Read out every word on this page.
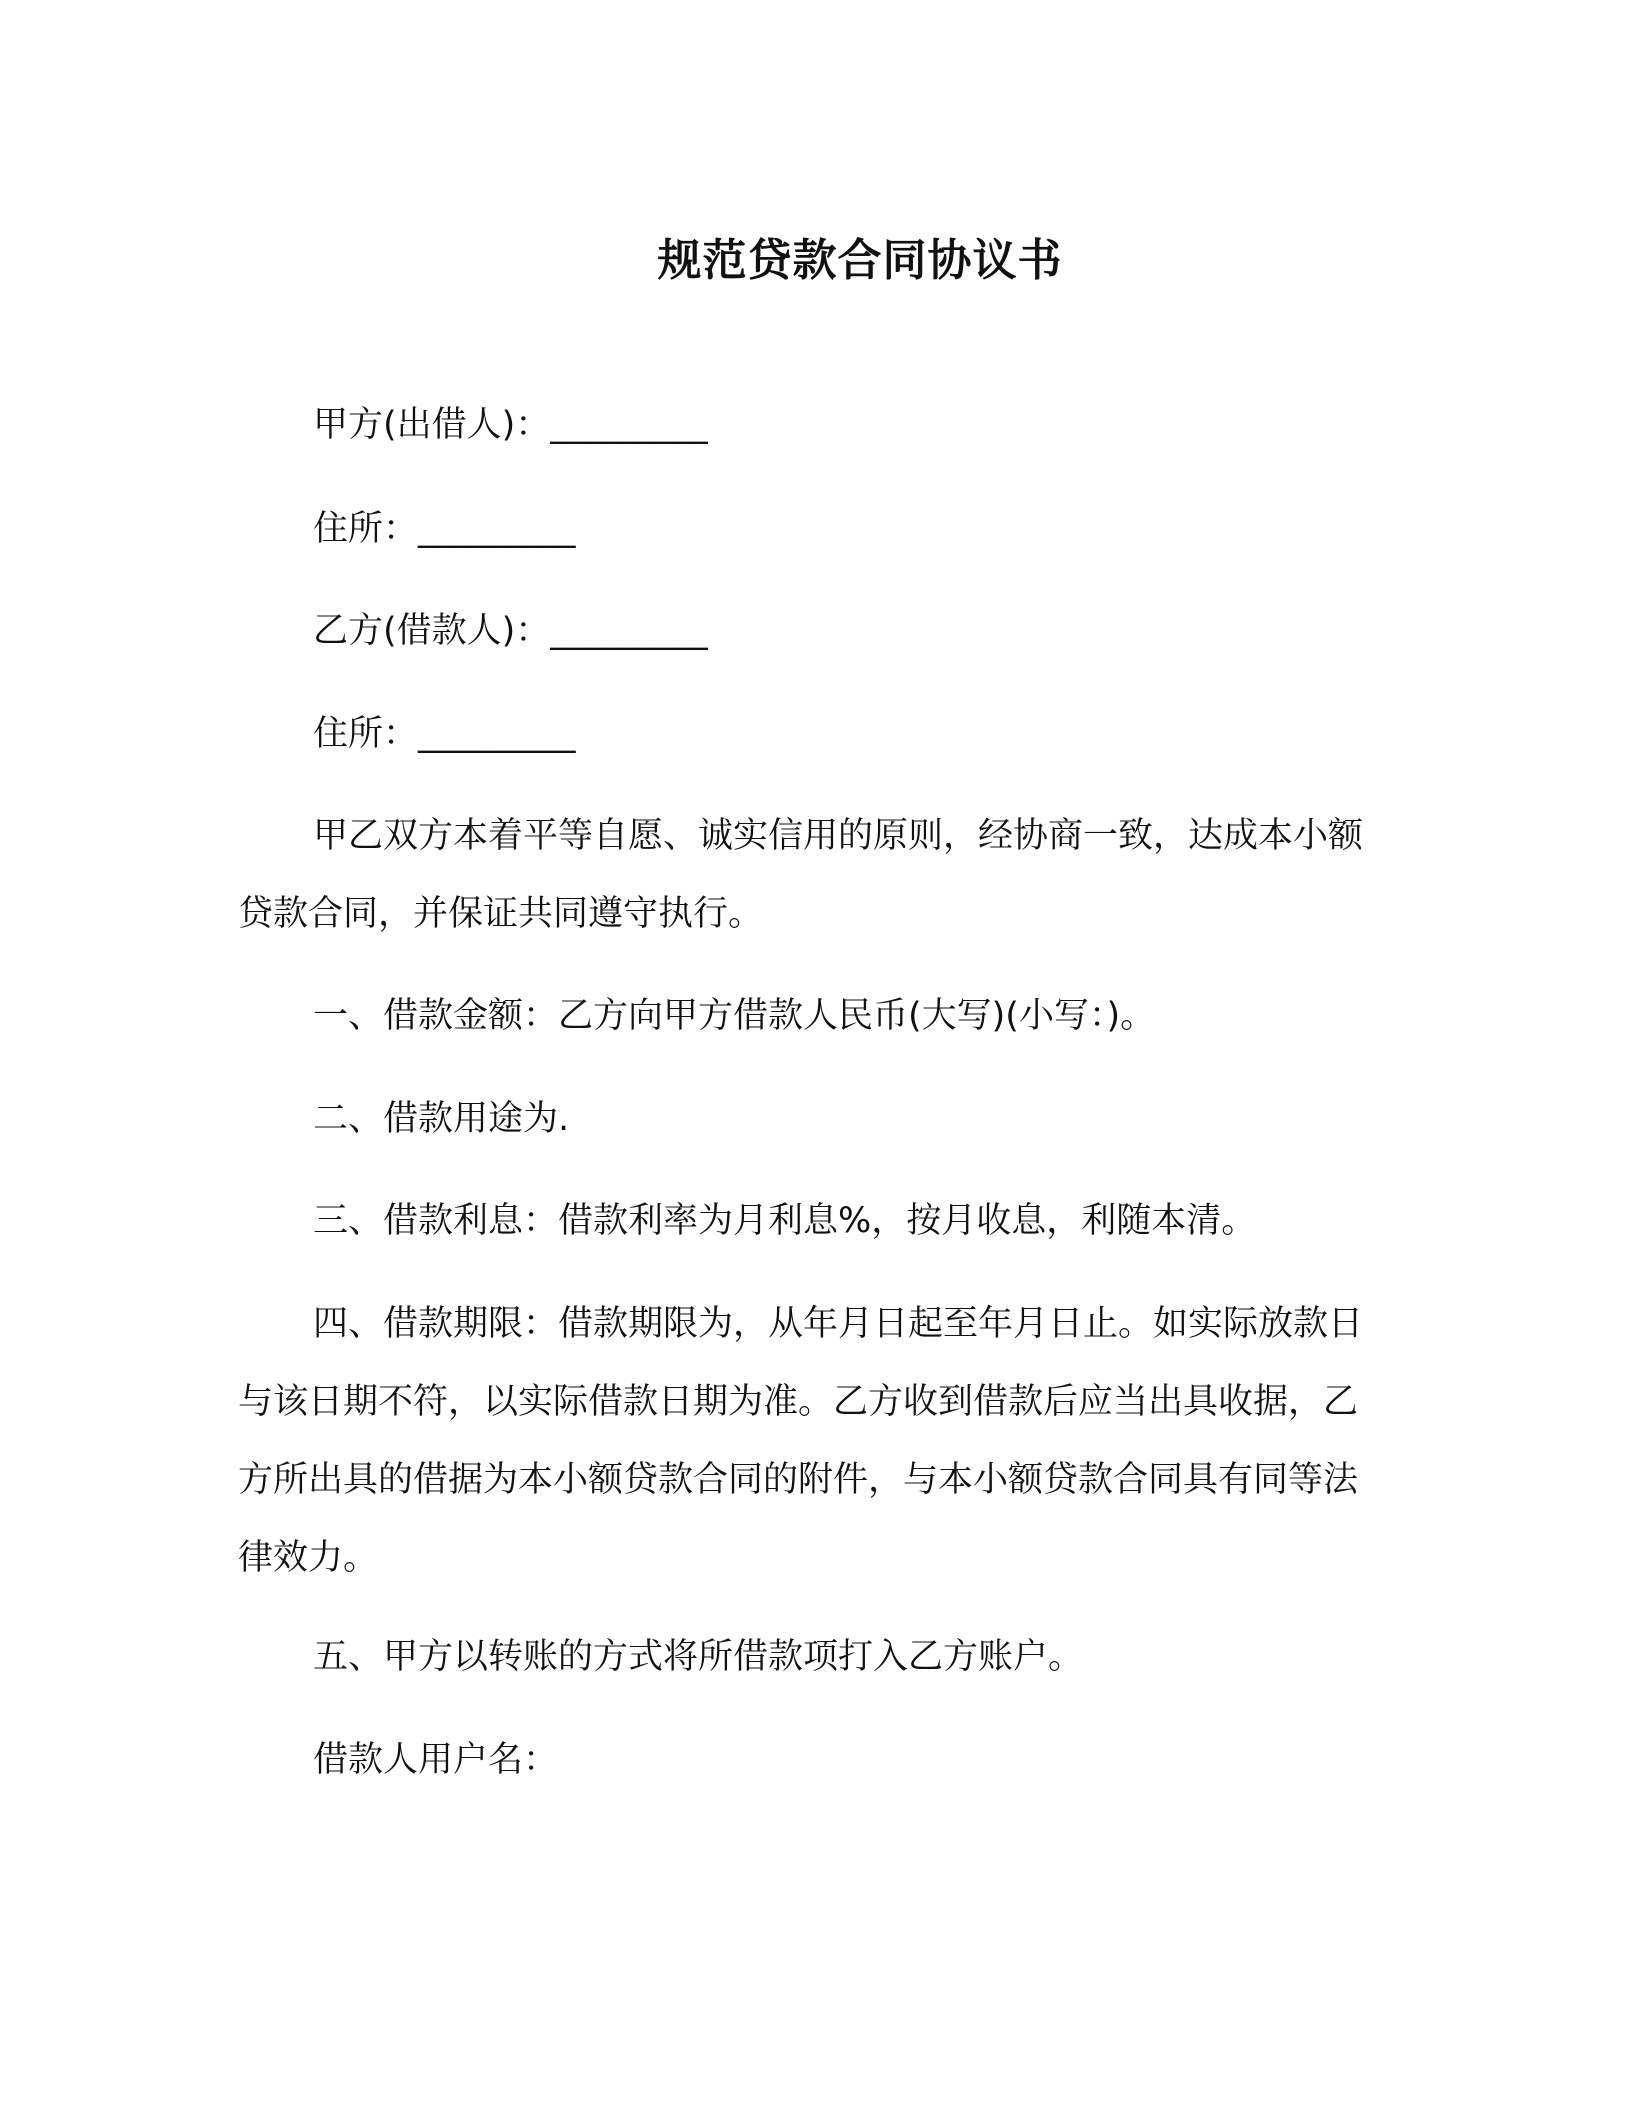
规范贷款合同协议书
甲方(出借人)：_________
住所：_________
乙方(借款人)：_________
住所：_________
甲乙双方本着平等自愿、诚实信用的原则，经协商一致，达成本小额贷款合同，并保证共同遵守执行。
一、借款金额：乙方向甲方借款人民币(大写)(小写：)。
二、借款用途为.
三、借款利息：借款利率为月利息%，按月收息，利随本清。
四、借款期限：借款期限为，从年月日起至年月日止。如实际放款日与该日期不符，以实际借款日期为准。乙方收到借款后应当出具收据，乙方所出具的借据为本小额贷款合同的附件，与本小额贷款合同具有同等法律效力。
五、甲方以转账的方式将所借款项打入乙方账户。
借款人用户名：
